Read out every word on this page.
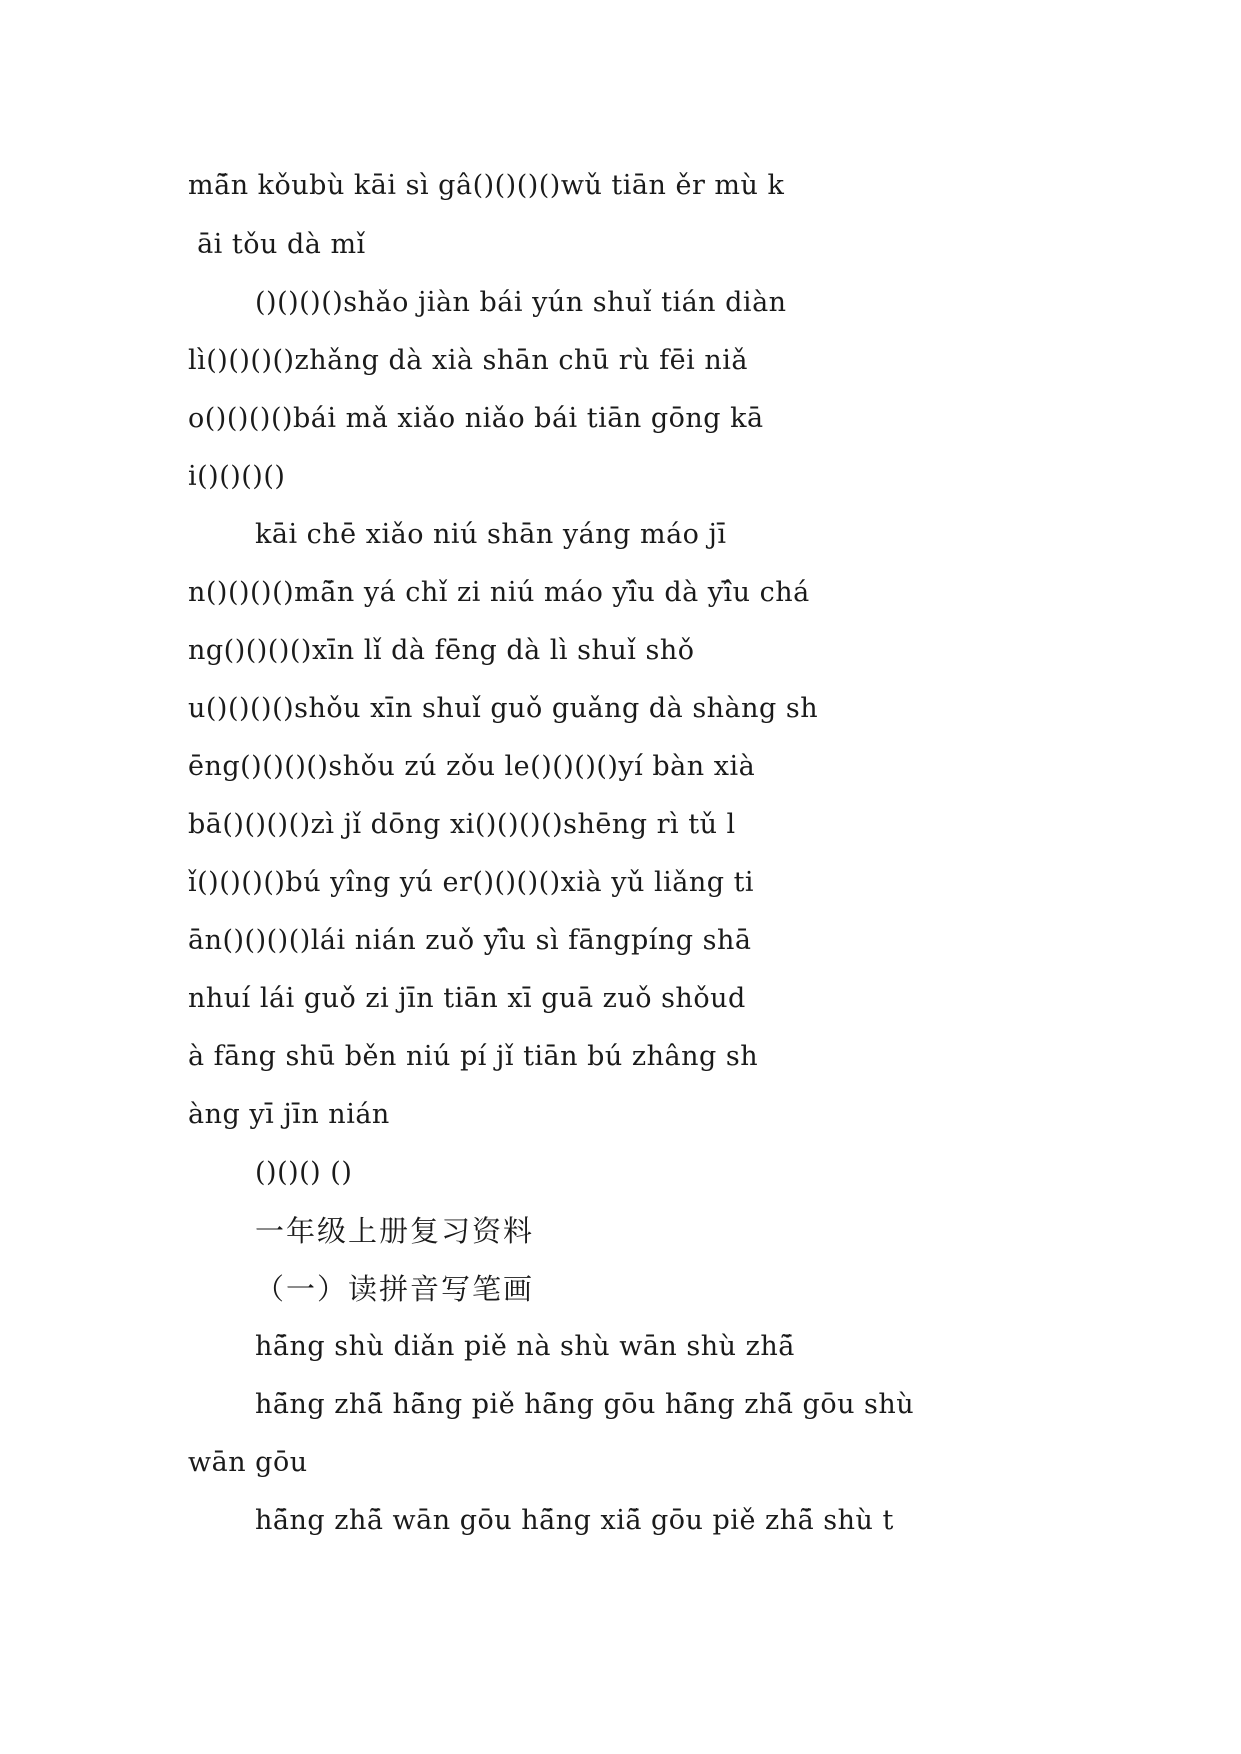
mã̄n kǒubù kāi sì gâ()()()()wǔ tiān ěr mù k
āi tǒu dà mǐ
()()()()shǎo jiàn bái yún shuǐ tián diàn
lì()()()()zhǎng dà xià shān chū rù fēi niǎ
o()()()()bái mǎ xiǎo niǎo bái tiān gōng kā
i()()()()
kāi chē xiǎo niú shān yáng máo jī
n()()()()mã̄n yá chǐ zi niú máo yî̄u dà yî̄u chá
ng()()()()xīn lǐ dà fēng dà lì shuǐ shǒ
u()()()()shǒu xīn shuǐ guǒ guǎng dà shàng sh
ēng()()()()shǒu zú zǒu le()()()()yí bàn xià
bā()()()()zì jǐ dōng xi()()()()shēng rì tǔ l
ǐ()()()()bú yîng yú er()()()()xià yǔ liǎng ti
ān()()()()lái nián zuǒ yî̄u sì fāngpíng shā
nhuí lái guǒ zi jīn tiān xī guā zuǒ shǒud
à fāng shū běn niú pí jǐ tiān bú zhâng sh
àng yī jīn nián
()()() ()
一年级上册复习资料
（一）读拼音写笔画
hã̄ng shù diǎn piě nà shù wān shù zhã̄
hã̄ng zhã̄ hã̄ng piě hã̄ng gōu hã̄ng zhã̄ gōu shù
wān gōu
hã̄ng zhã̄ wān gōu hã̄ng xiã̄ gōu piě zhã̄ shù t
